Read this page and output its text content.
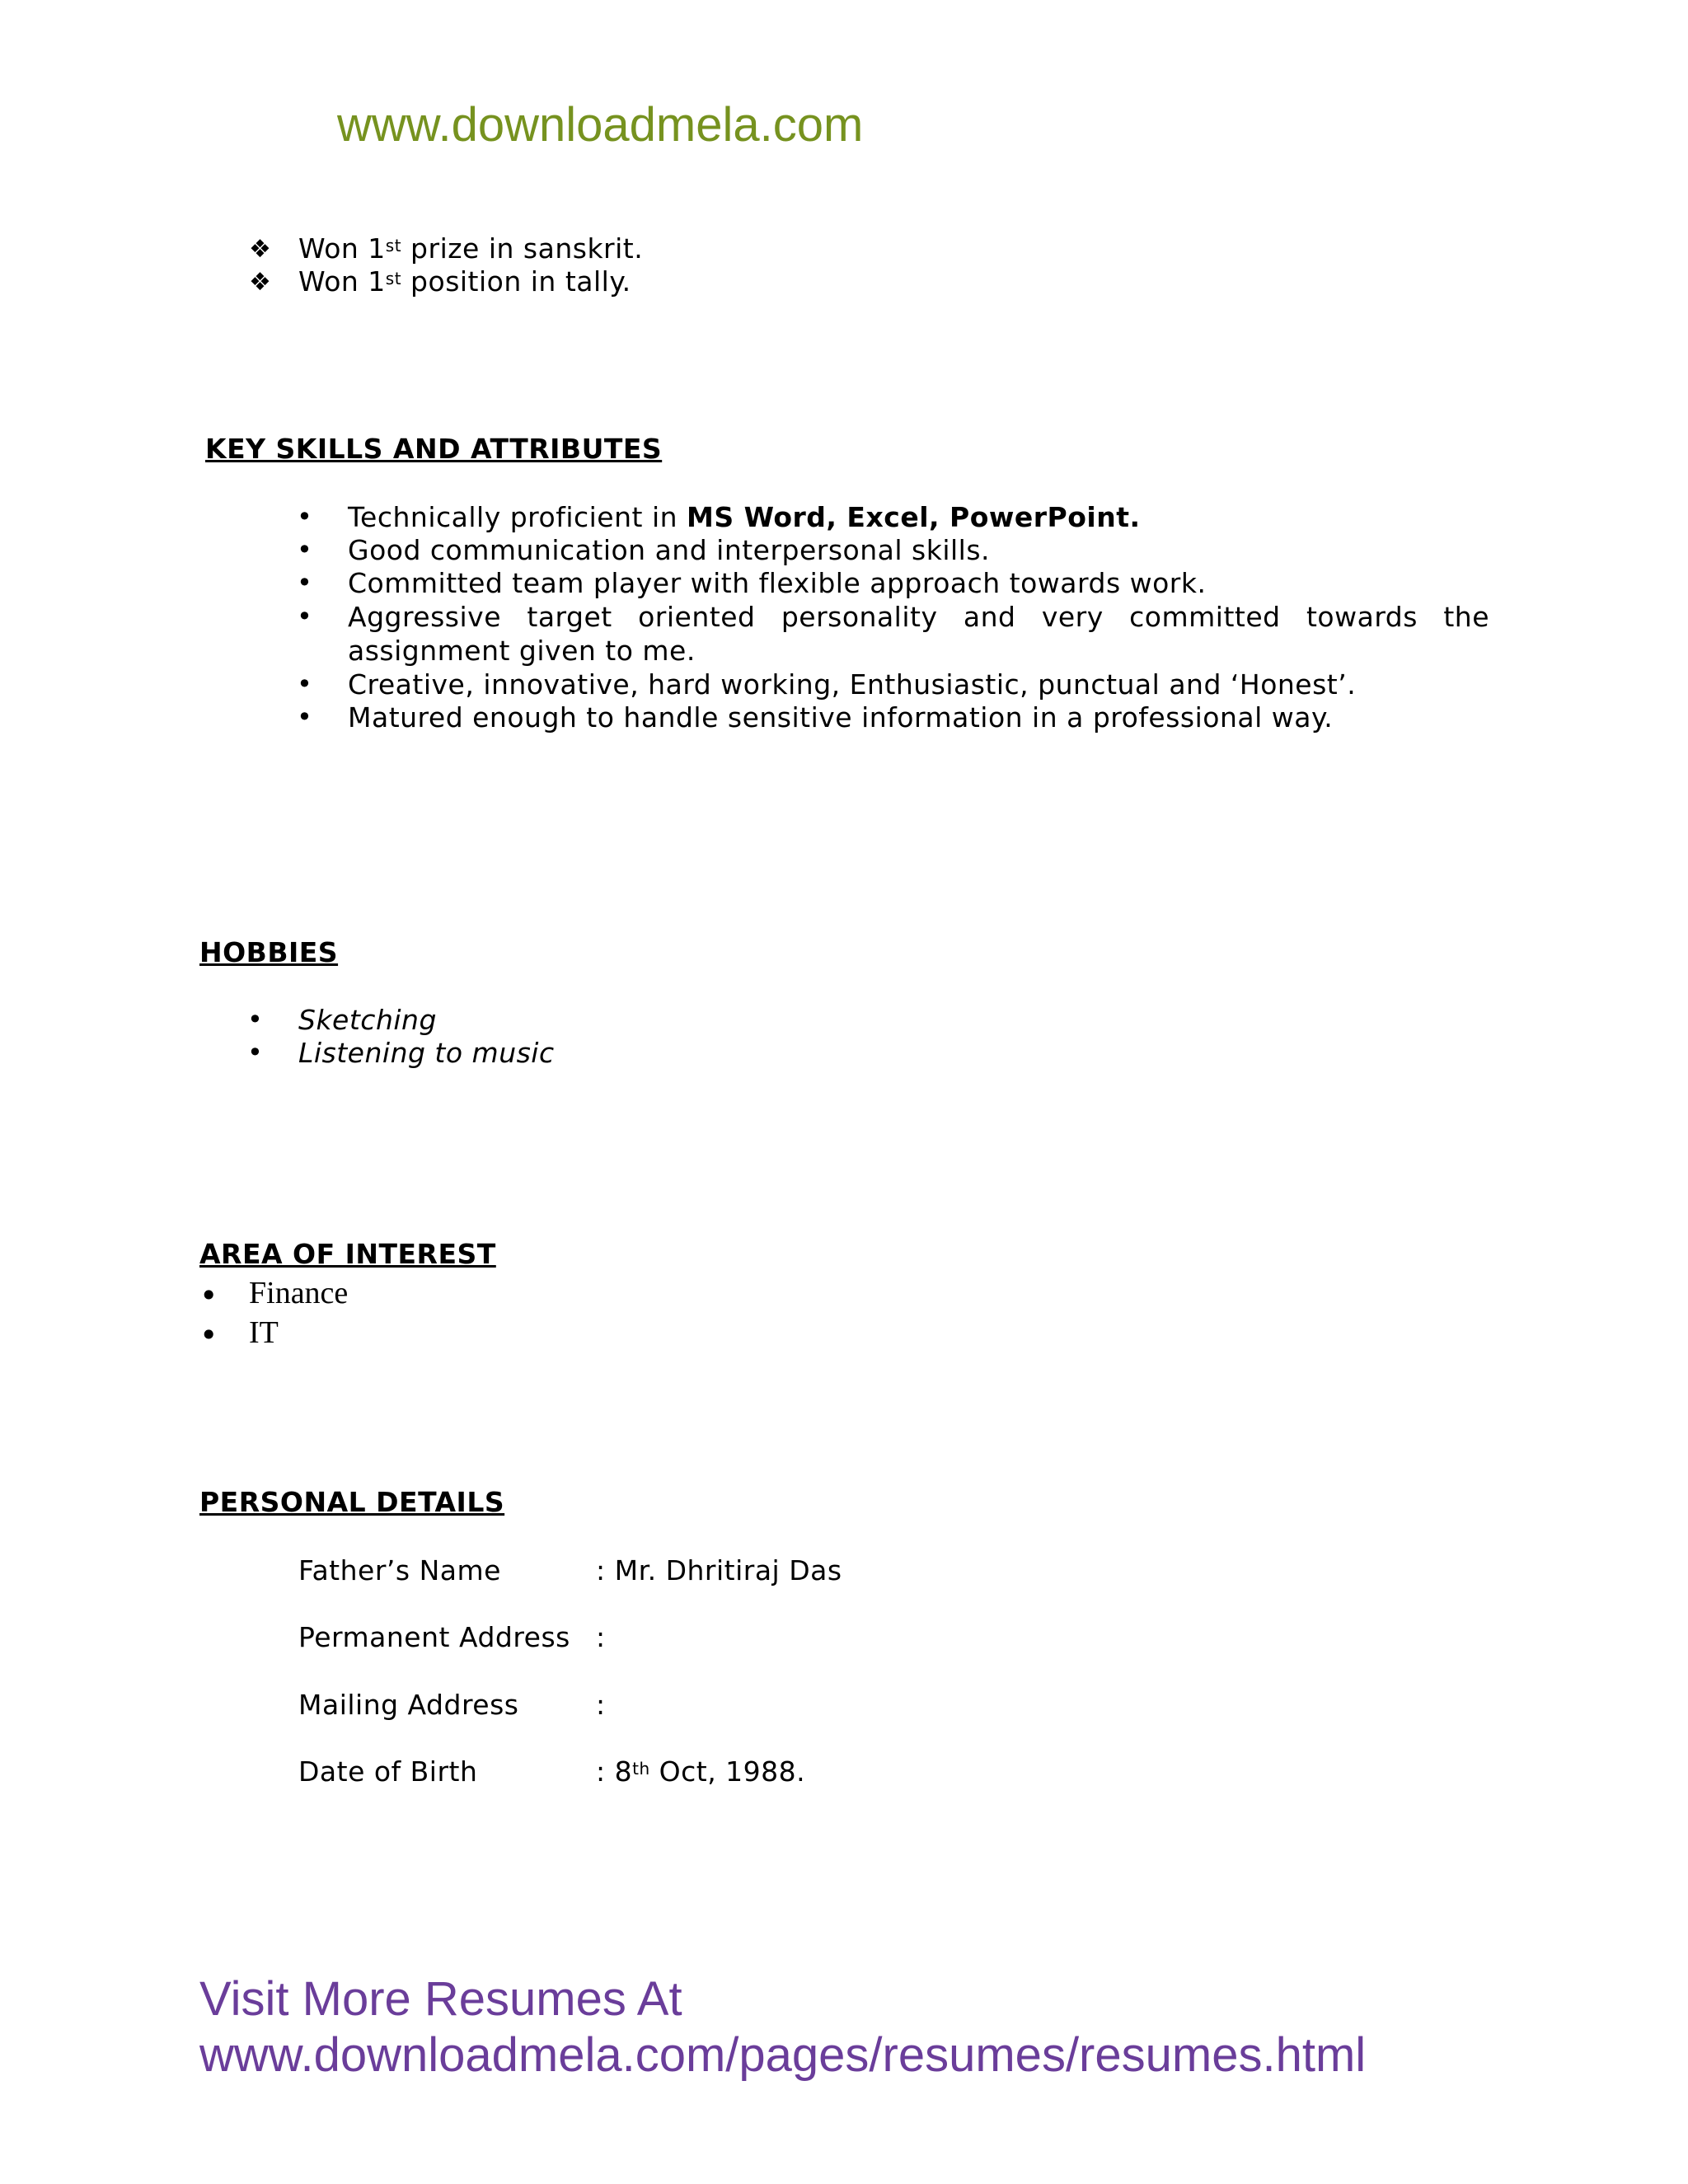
www.downloadmela.com
❖ Won 1st prize in sanskrit.
❖ Won 1st position in tally.
KEY SKILLS AND ATTRIBUTES
• Technically proficient in MS Word, Excel, PowerPoint.
• Good communication and interpersonal skills.
• Committed team player with flexible approach towards work.
• Aggressive target oriented personality and very committed towards the
assignment given to me.
• Creative, innovative, hard working, Enthusiastic, punctual and ‘Honest’.
• Matured enough to handle sensitive information in a professional way.
HOBBIES
• Sketching
• Listening to music
AREA OF INTEREST
• Finance
• IT
PERSONAL DETAILS
Father’s Name	: Mr. Dhritiraj Das
Permanent Address :
Mailing Address	:
Date of Birth	: 8th Oct, 1988.
Visit More Resumes At
www.downloadmela.com/pages/resumes/resumes.html
